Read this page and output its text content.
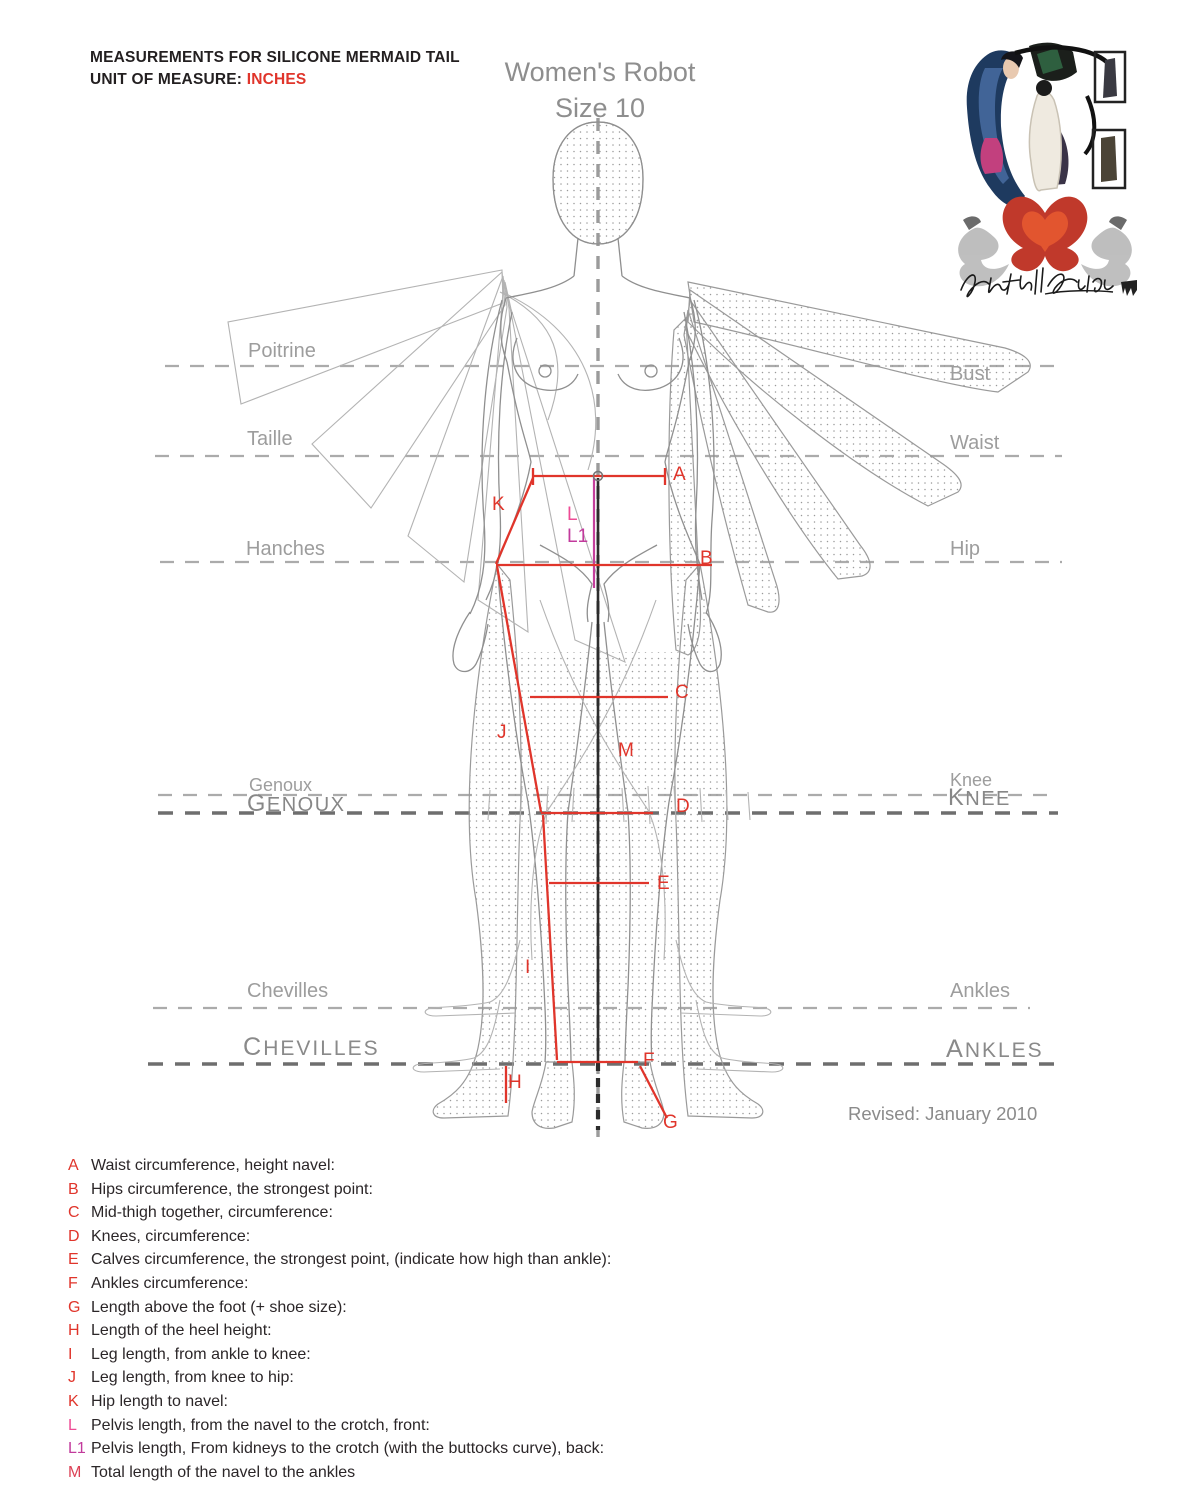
MEASUREMENTS FOR SILICONE MERMAID TAIL
UNIT OF MEASURE: INCHES	Women's Robot
Size 10
Revised: January 2010
Poitrine
Bust
Taille	Waist
Hanches	Hip
Genoux	Knee
GENOUX	KNEE
Chevilles	Ankles
CHEVILLES	ANKLES
A
B
C
D
E
F
G
H
I
J
K	L
L1
M
A Waist circumference, height navel:
B Hips circumference, the strongest point:
C Mid-thigh together, circumference:
D Knees, circumference:
E Calves circumference, the strongest point, (indicate how high than ankle):
F Ankles circumference:
G Length above the foot (+ shoe size):
H Length of the heel height:
I	Leg length, from ankle to knee:
J Leg length, from knee to hip:
K Hip length to navel:
L Pelvis length, from the navel to the crotch, front:
L1 Pelvis length, From kidneys to the crotch (with the buttocks curve), back:
M Total length of the navel to the ankles
